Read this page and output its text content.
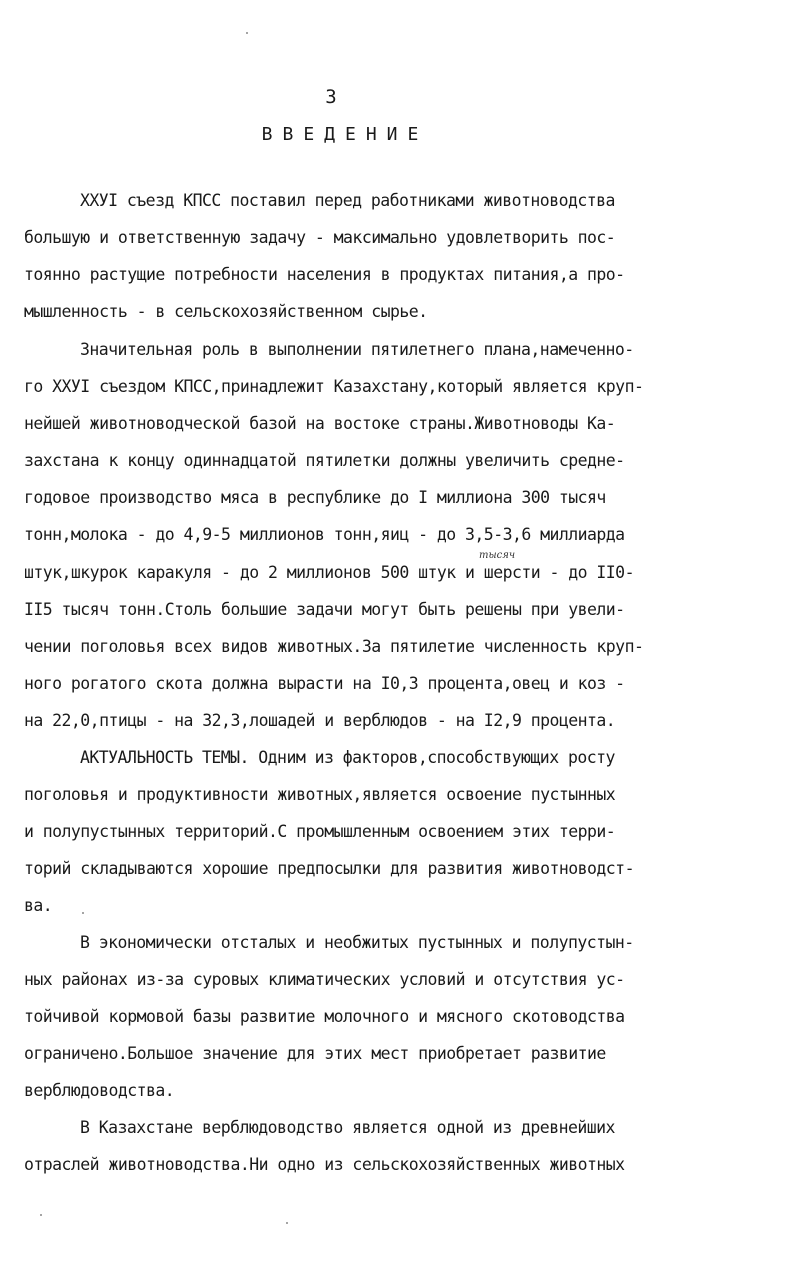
3
ВВЕДЕНИЕ
XXУI съезд КПСС поставил перед работниками животноводства
большую и ответственную задачу - максимально удовлетворить пос-
тоянно растущие потребности населения в продуктах питания,а про-
мышленность - в сельскохозяйственном сырье.
Значительная роль в выполнении пятилетнего плана,намеченно-
го XXУI съездом КПСС,принадлежит Казахстану,который является круп-
нейшей животноводческой базой на востоке страны.Животноводы Ка-
захстана к концу одиннадцатой пятилетки должны увеличить средне-
годовое производство мяса в республике до I миллиона 300 тысяч
тонн,молока - до 4,9-5 миллионов тонн,яиц - до 3,5-3,6 миллиарда
тысяч
штук,шкурок каракуля - до 2 миллионов 500 штук и шерсти - до II0-
II5 тысяч тонн.Столь большие задачи могут быть решены при увели-
чении поголовья всех видов животных.За пятилетие численность круп-
ного рогатого скота должна вырасти на I0,3 процента,овец и коз -
на 22,0,птицы - на 32,3,лошадей и верблюдов - на I2,9 процента.
АКТУАЛЬНОСТЬ ТЕМЫ. Одним из факторов,способствующих росту
поголовья и продуктивности животных,является освоение пустынных
и полупустынных территорий.С промышленным освоением этих терри-
торий складываются хорошие предпосылки для развития животноводст-
ва.
В экономически отсталых и необжитых пустынных и полупустын-
ных районах из-за суровых климатических условий и отсутствия ус-
тойчивой кормовой базы развитие молочного и мясного скотоводства
ограничено.Большое значение для этих мест приобретает развитие
верблюдоводства.
В Казахстане верблюдоводство является одной из древнейших
отраслей животноводства.Ни одно из сельскохозяйственных животных
